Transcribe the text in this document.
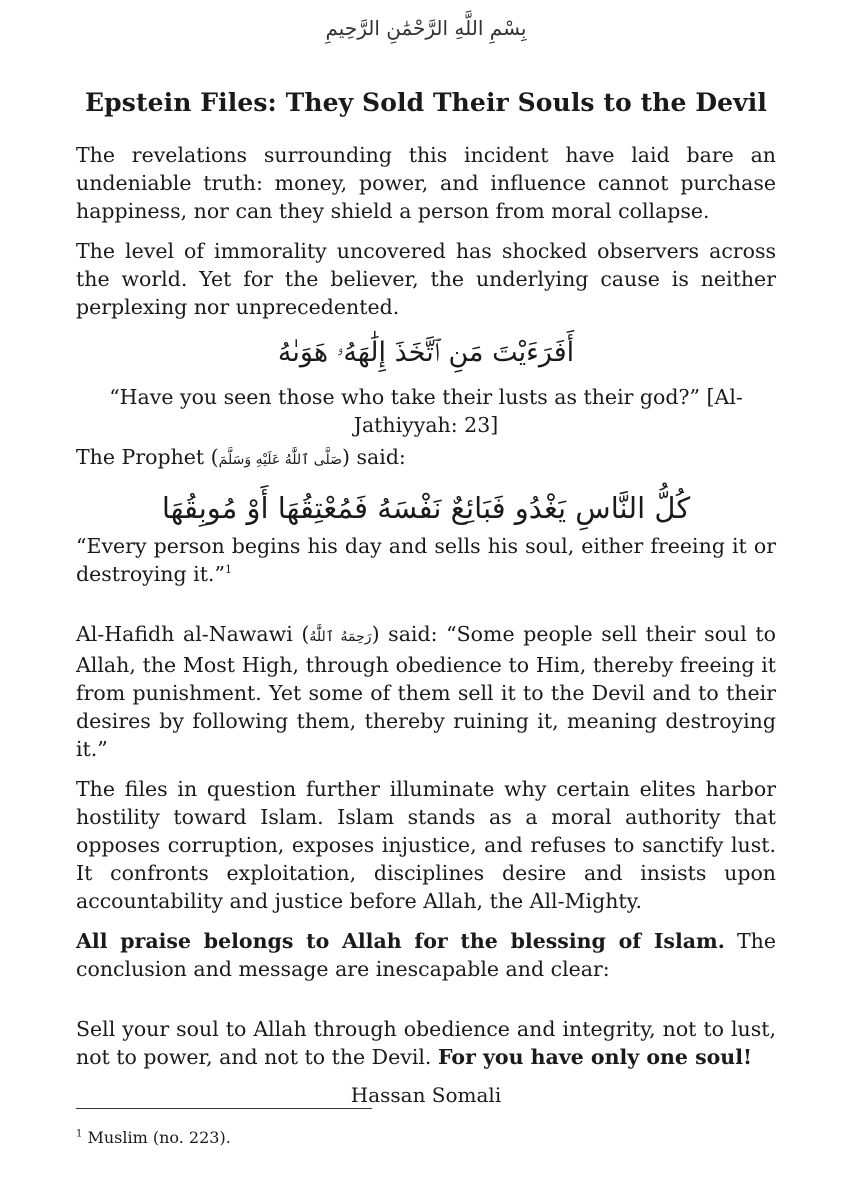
بِسْمِ اللَّهِ الرَّحْمَٰنِ الرَّحِيمِ
Epstein Files: They Sold Their Souls to the Devil

The revelations surrounding this incident have laid bare an undeniable truth: money, power, and influence cannot purchase happiness, nor can they shield a person from moral collapse.

The level of immorality uncovered has shocked observers across the world. Yet for the believer, the underlying cause is neither perplexing nor unprecedented.

أَفَرَءَيْتَ مَنِ ٱتَّخَذَ إِلَٰهَهُۥ هَوَىٰهُ

“Have you seen those who take their lusts as their god?” [Al-Jathiyyah: 23]

The Prophet (صَلَّى ٱللَّٰهُ عَلَيْهِ وَسَلَّمَ) said:

كُلُّ النَّاسِ يَغْدُو فَبَائِعٌ نَفْسَهُ فَمُعْتِقُهَا أَوْ مُوبِقُهَا

“Every person begins his day and sells his soul, either freeing it or destroying it.”$^1$

Al-Hafidh al-Nawawi (رَحِمَهُ ٱللَّٰهُ) said: “Some people sell their soul to Allah, the Most High, through obedience to Him, thereby freeing it from punishment. Yet some of them sell it to the Devil and to their desires by following them, thereby ruining it, meaning destroying it.”

The files in question further illuminate why certain elites harbor hostility toward Islam. Islam stands as a moral authority that opposes corruption, exposes injustice, and refuses to sanctify lust. It confronts exploitation, disciplines desire and insists upon accountability and justice before Allah, the All-Mighty.

All praise belongs to Allah for the blessing of Islam. The conclusion and message are inescapable and clear:

Sell your soul to Allah through obedience and integrity, not to lust, not to power, and not to the Devil. For you have only one soul!

Hassan Somali

$^1$ Muslim (no. 223).
